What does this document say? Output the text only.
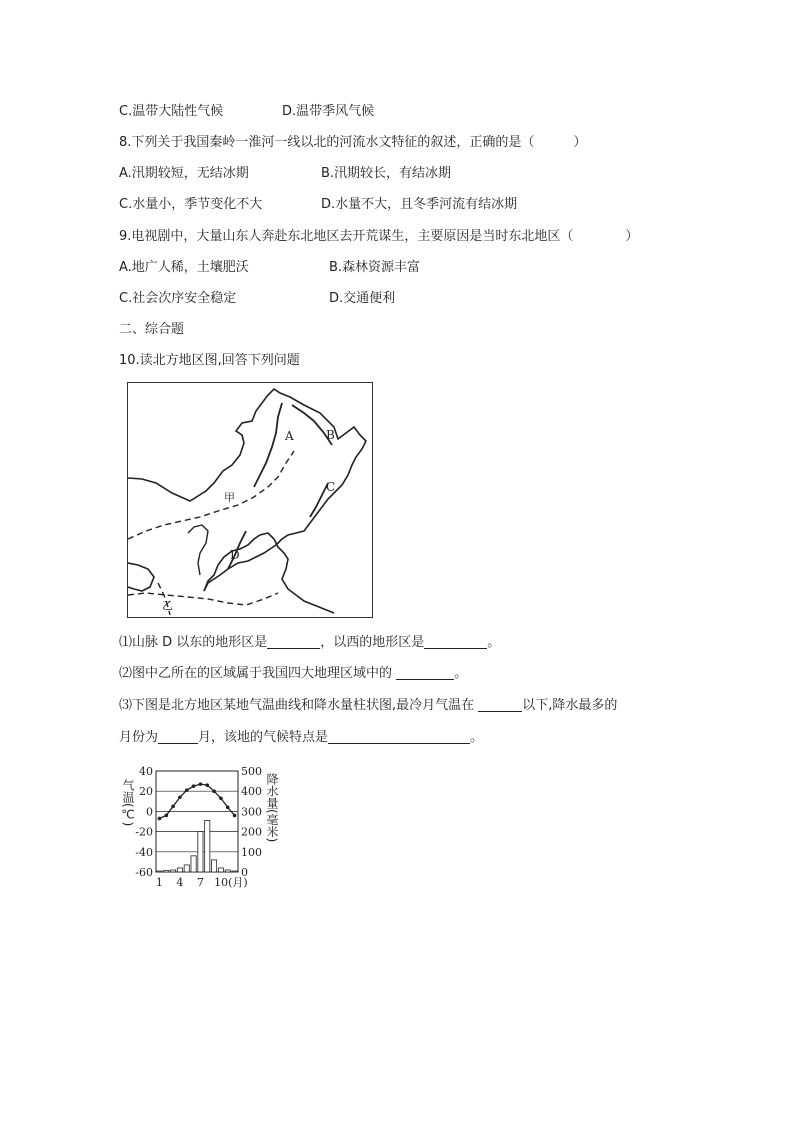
C.温带大陆性气候	D.温带季风气候
8.下列关于我国秦岭一淮河一线以北的河流水文特征的叙述，正确的是（　　　）
A.汛期较短，无结冰期	B.汛期较长，有结冰期
C.水量小，季节变化不大	D.水量不大，且冬季河流有结冰期
9.电视剧中，大量山东人奔赴东北地区去开荒谋生，主要原因是当时东北地区（　　　　）
A.地广人稀，土壤肥沃	B.森林资源丰富
C.社会次序安全稳定	D.交通便利
二、综合题
10.读北方地区图,回答下列问题
A	B
C
D
甲
乙
⑴山脉 D 以东的地形区是	，以西的地形区是	。
⑵图中乙所在的区域属于我国四大地理区域中的	。
⑶下图是北方地区某地气温曲线和降水量柱状图,最冷月气温在	以下,降水最多的
月份为	月，该地的气候特点是	。
40
20
0
-20
-40
-60
500
400
300
200
100
0
1 4 7 10(月)
气温(℃)	降水量(毫米)
